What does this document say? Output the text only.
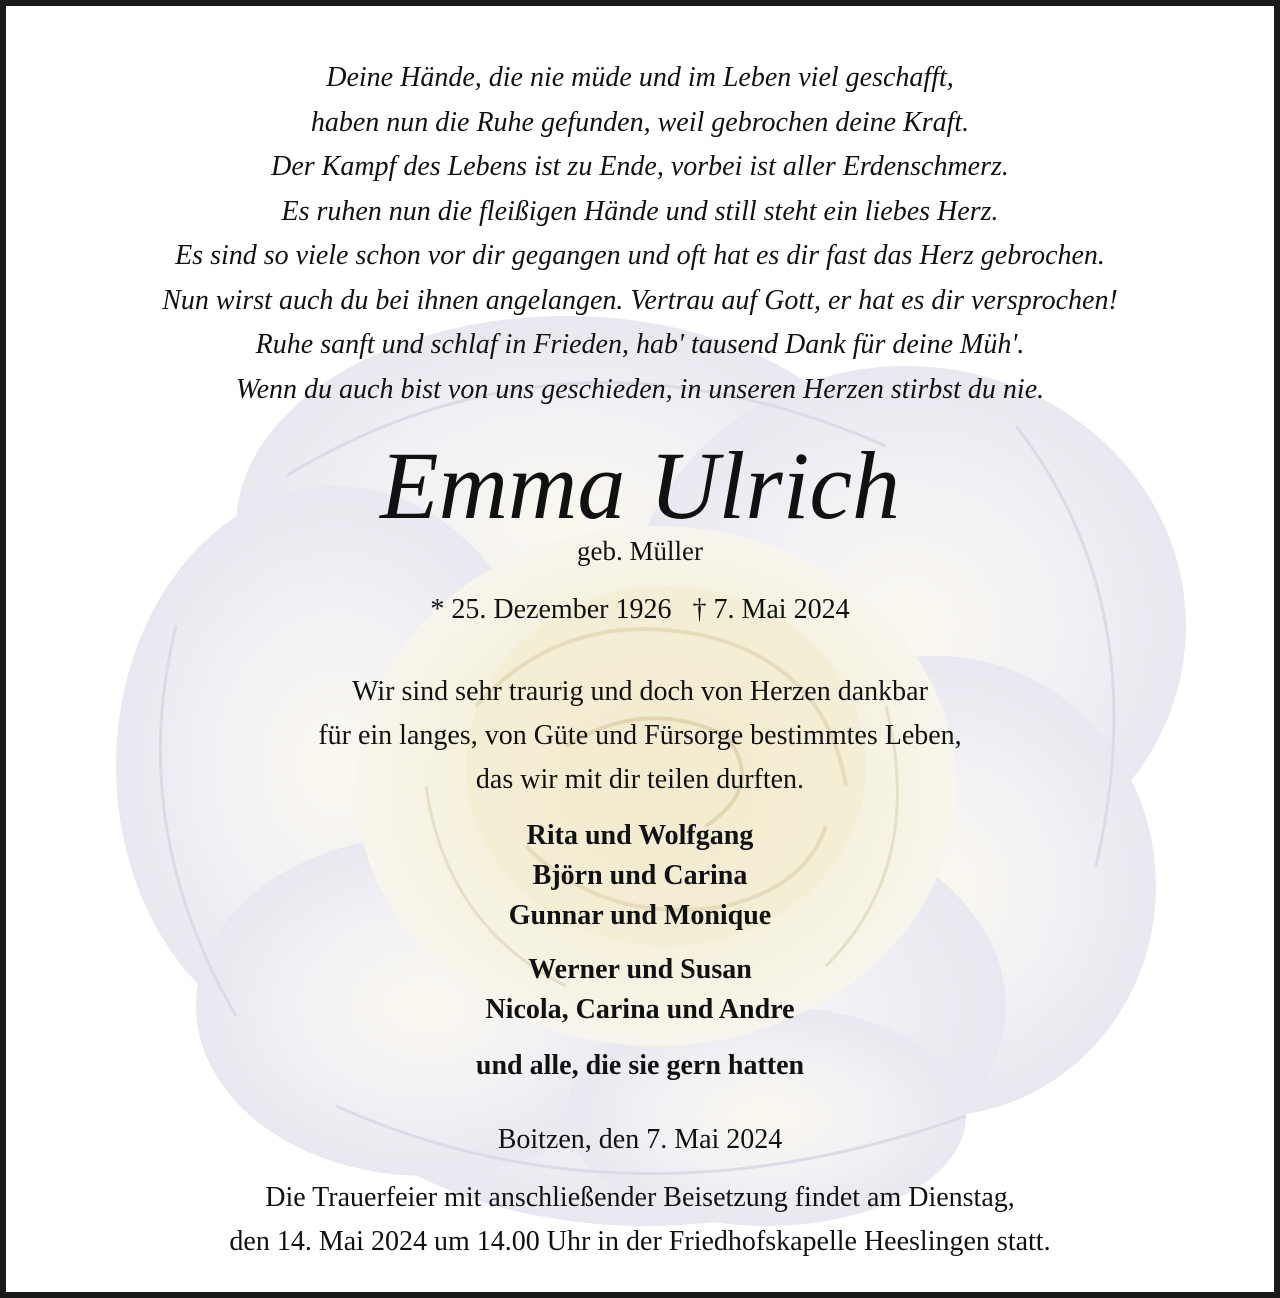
Deine Hände, die nie müde und im Leben viel geschafft,
haben nun die Ruhe gefunden, weil gebrochen deine Kraft.
Der Kampf des Lebens ist zu Ende, vorbei ist aller Erdenschmerz.
Es ruhen nun die fleißigen Hände und still steht ein liebes Herz.
Es sind so viele schon vor dir gegangen und oft hat es dir fast das Herz gebrochen.
Nun wirst auch du bei ihnen angelangen. Vertrau auf Gott, er hat es dir versprochen!
Ruhe sanft und schlaf in Frieden, hab' tausend Dank für deine Müh'.
Wenn du auch bist von uns geschieden, in unseren Herzen stirbst du nie.
Emma Ulrich
geb. Müller
* 25. Dezember 1926 † 7. Mai 2024
Wir sind sehr traurig und doch von Herzen dankbar
für ein langes, von Güte und Fürsorge bestimmtes Leben,
das wir mit dir teilen durften.
Rita und Wolfgang
Björn und Carina
Gunnar und Monique
Werner und Susan
Nicola, Carina und Andre
und alle, die sie gern hatten
Boitzen, den 7. Mai 2024
Die Trauerfeier mit anschließender Beisetzung findet am Dienstag,
den 14. Mai 2024 um 14.00 Uhr in der Friedhofskapelle Heeslingen statt.
